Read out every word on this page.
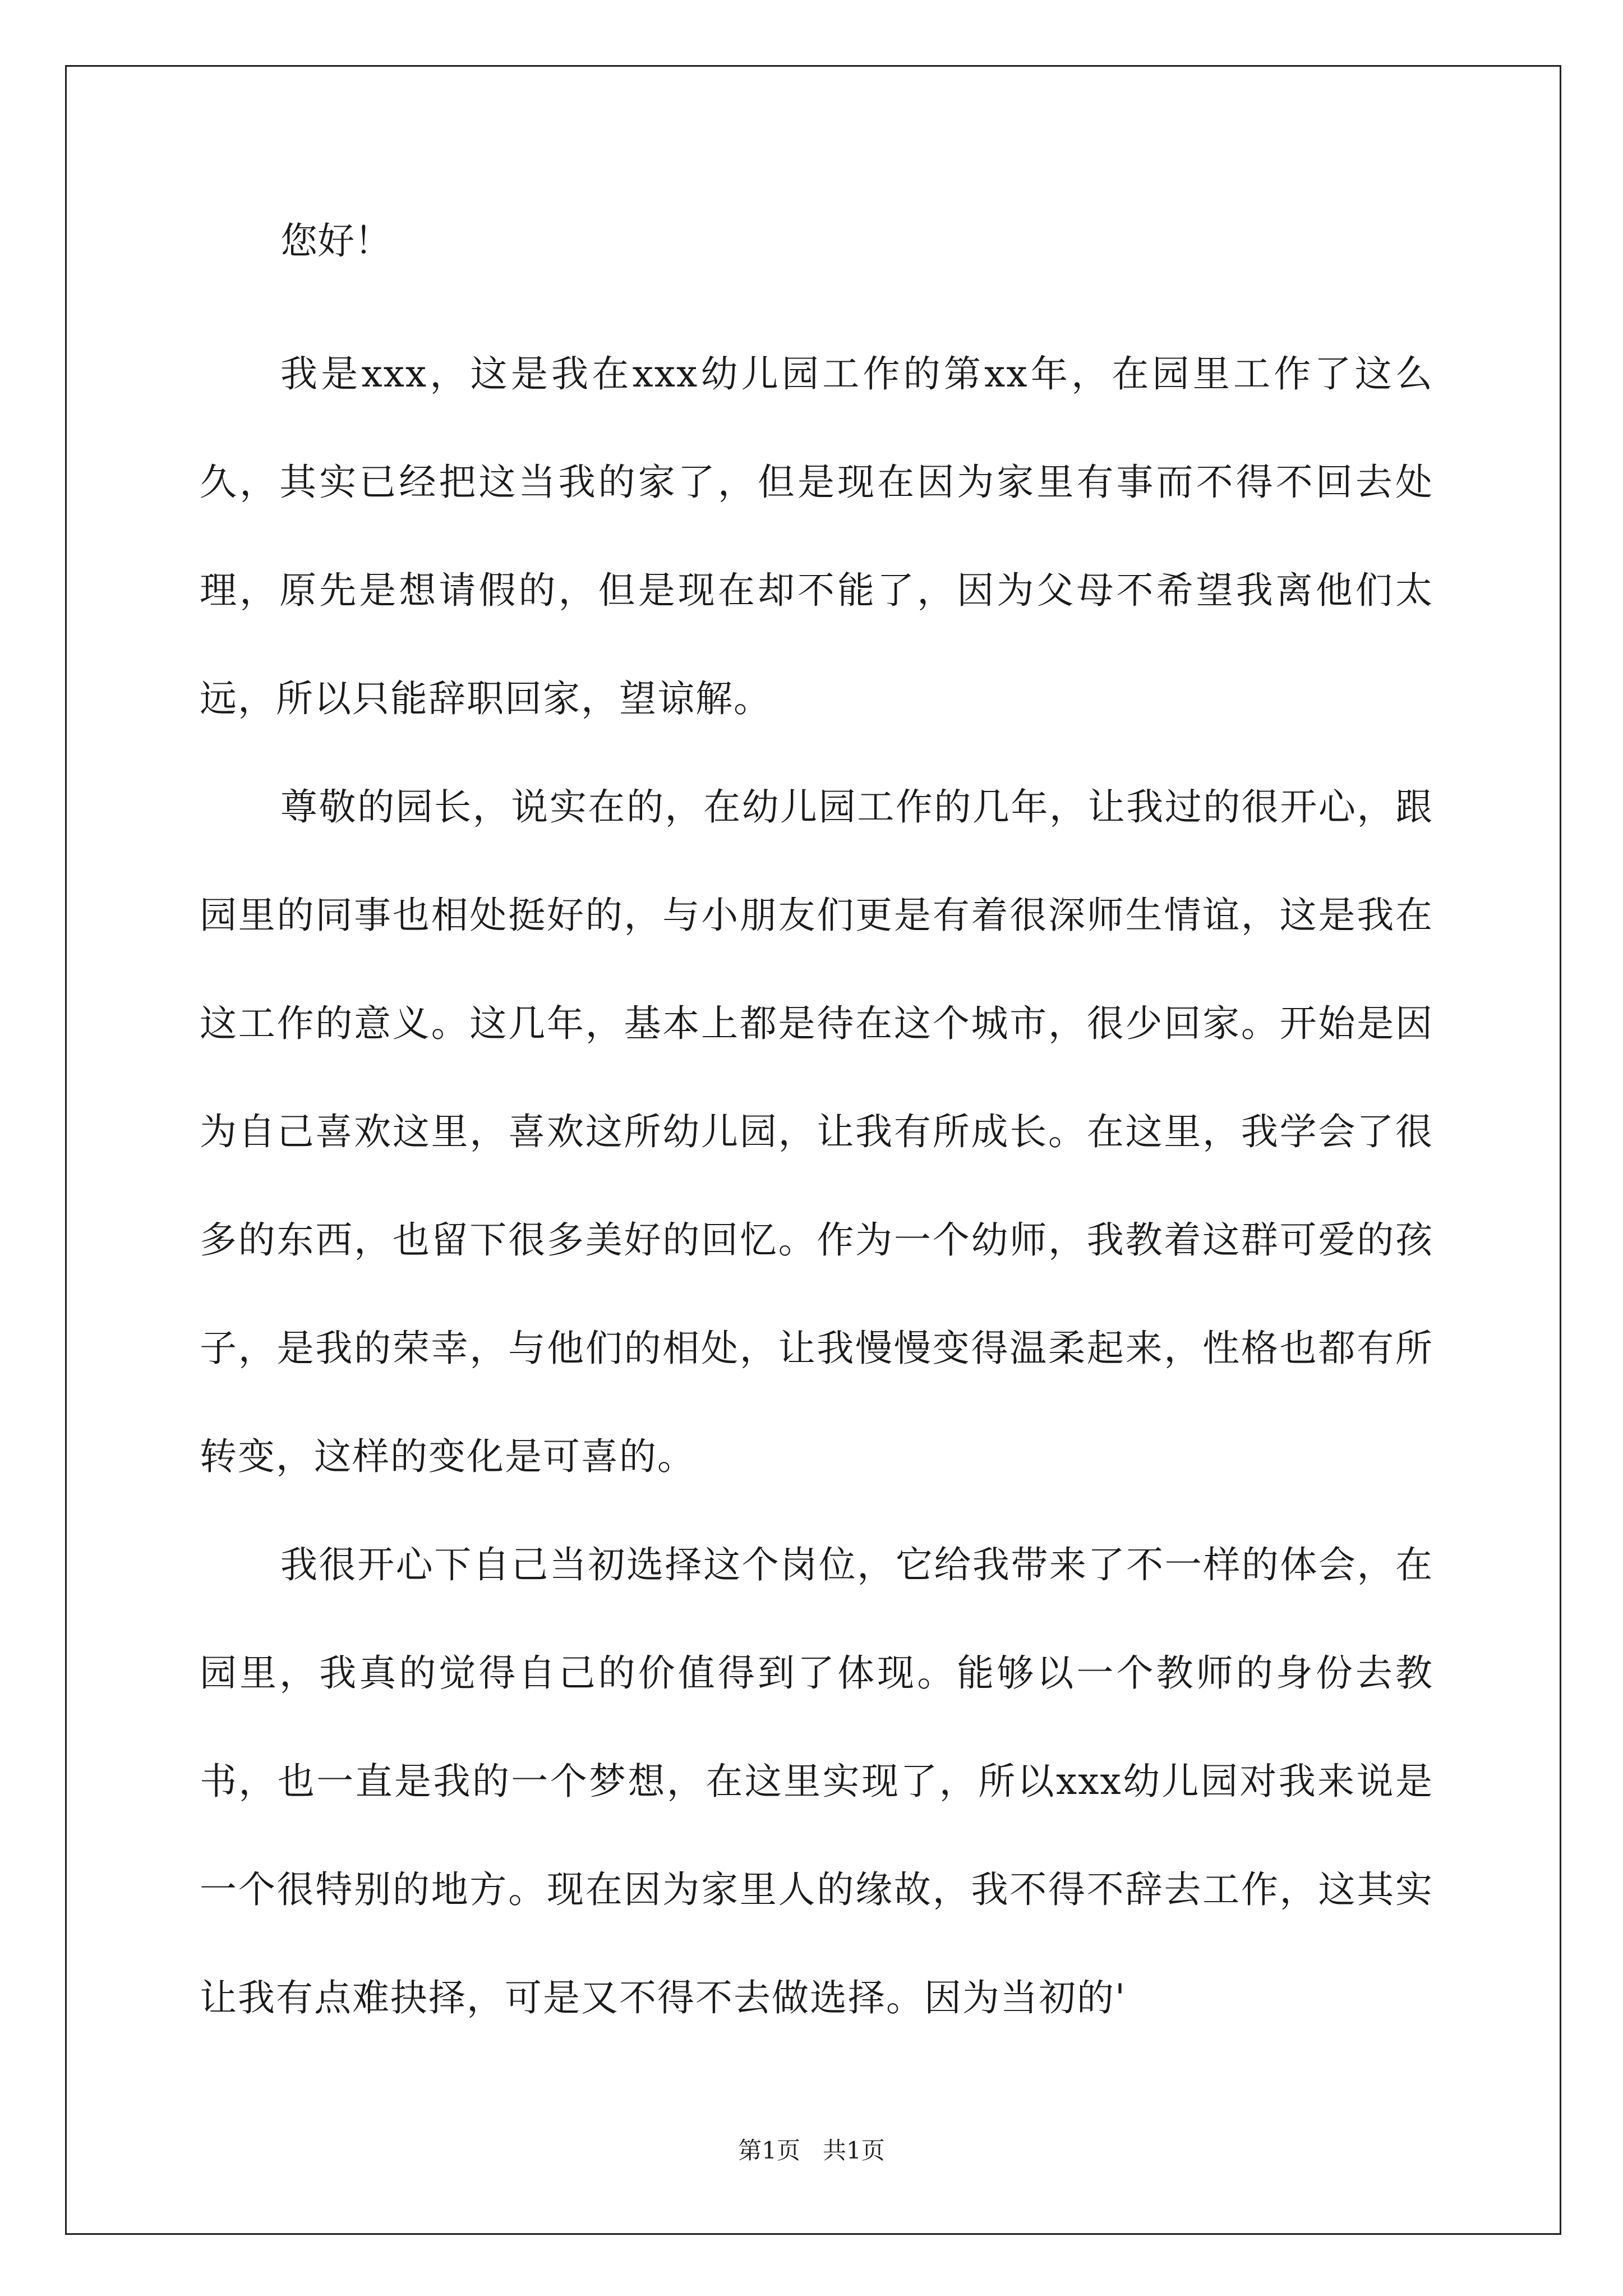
您好！

我是xxx，这是我在xxx幼儿园工作的第xx年，在园里工作了这么久，其实已经把这当我的家了，但是现在因为家里有事而不得不回去处理，原先是想请假的，但是现在却不能了，因为父母不希望我离他们太远，所以只能辞职回家，望谅解。

尊敬的园长，说实在的，在幼儿园工作的几年，让我过的很开心，跟园里的同事也相处挺好的，与小朋友们更是有着很深师生情谊，这是我在这工作的意义。这几年，基本上都是待在这个城市，很少回家。开始是因为自己喜欢这里，喜欢这所幼儿园，让我有所成长。在这里，我学会了很多的东西，也留下很多美好的回忆。作为一个幼师，我教着这群可爱的孩子，是我的荣幸，与他们的相处，让我慢慢变得温柔起来，性格也都有所转变，这样的变化是可喜的。

我很开心下自己当初选择这个岗位，它给我带来了不一样的体会，在园里，我真的觉得自己的价值得到了体现。能够以一个教师的身份去教书，也一直是我的一个梦想，在这里实现了，所以xxx幼儿园对我来说是一个很特别的地方。现在因为家里人的缘故，我不得不辞去工作，这其实让我有点难抉择，可是又不得不去做选择。因为当初的'

第1页   共1页
